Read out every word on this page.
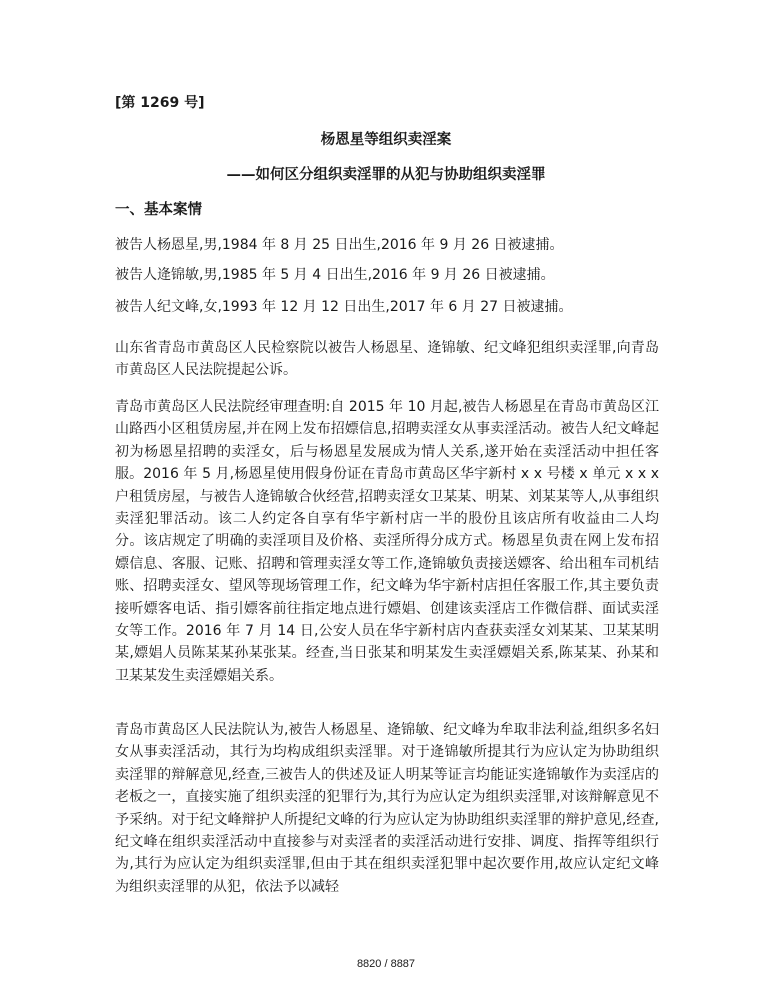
[第 1269 号]
杨恩星等组织卖淫案
——如何区分组织卖淫罪的从犯与协助组织卖淫罪
一、基本案情

被告人杨恩星,男,1984 年 8 月 25 日出生,2016 年 9 月 26 日被逮捕。

被告人逄锦敏,男,1985 年 5 月 4 日出生,2016 年 9 月 26 日被逮捕。

被告人纪文峰,女,1993 年 12 月 12 日出生,2017 年 6 月 27 日被逮捕。

山东省青岛市黄岛区人民检察院以被告人杨恩星、逄锦敏、纪文峰犯组织卖淫罪,向青岛市黄岛区人民法院提起公诉。

青岛市黄岛区人民法院经审理查明:自 2015 年 10 月起,被告人杨恩星在青岛市黄岛区江山路西小区租赁房屋,并在网上发布招嫖信息,招聘卖淫女从事卖淫活动。被告人纪文峰起初为杨恩星招聘的卖淫女，后与杨恩星发展成为情人关系,遂开始在卖淫活动中担任客服。2016 年 5 月,杨恩星使用假身份证在青岛市黄岛区华宇新村 x x 号楼 x 单元 x x x 户租赁房屋，与被告人逄锦敏合伙经营,招聘卖淫女卫某某、明某、刘某某等人,从事组织卖淫犯罪活动。该二人约定各自享有华宇新村店一半的股份且该店所有收益由二人均分。该店规定了明确的卖淫项目及价格、卖淫所得分成方式。杨恩星负责在网上发布招嫖信息、客服、记账、招聘和管理卖淫女等工作,逄锦敏负责接送嫖客、给出租车司机结账、招聘卖淫女、望风等现场管理工作，纪文峰为华宇新村店担任客服工作,其主要负责接听嫖客电话、指引嫖客前往指定地点进行嫖娼、创建该卖淫店工作微信群、面试卖淫女等工作。2016 年 7 月 14 日,公安人员在华宇新村店内查获卖淫女刘某某、卫某某明某,嫖娼人员陈某某孙某张某。经查,当日张某和明某发生卖淫嫖娼关系,陈某某、孙某和卫某某发生卖淫嫖娼关系。

青岛市黄岛区人民法院认为,被告人杨恩星、逄锦敏、纪文峰为牟取非法利益,组织多名妇女从事卖淫活动，其行为均构成组织卖淫罪。对于逄锦敏所提其行为应认定为协助组织卖淫罪的辩解意见,经查,三被告人的供述及证人明某等证言均能证实逄锦敏作为卖淫店的老板之一，直接实施了组织卖淫的犯罪行为,其行为应认定为组织卖淫罪,对该辩解意见不予采纳。对于纪文峰辩护人所提纪文峰的行为应认定为协助组织卖淫罪的辩护意见,经查,纪文峰在组织卖淫活动中直接参与对卖淫者的卖淫活动进行安排、调度、指挥等组织行为,其行为应认定为组织卖淫罪,但由于其在组织卖淫犯罪中起次要作用,故应认定纪文峰为组织卖淫罪的从犯，依法予以减轻

8820 / 8887
